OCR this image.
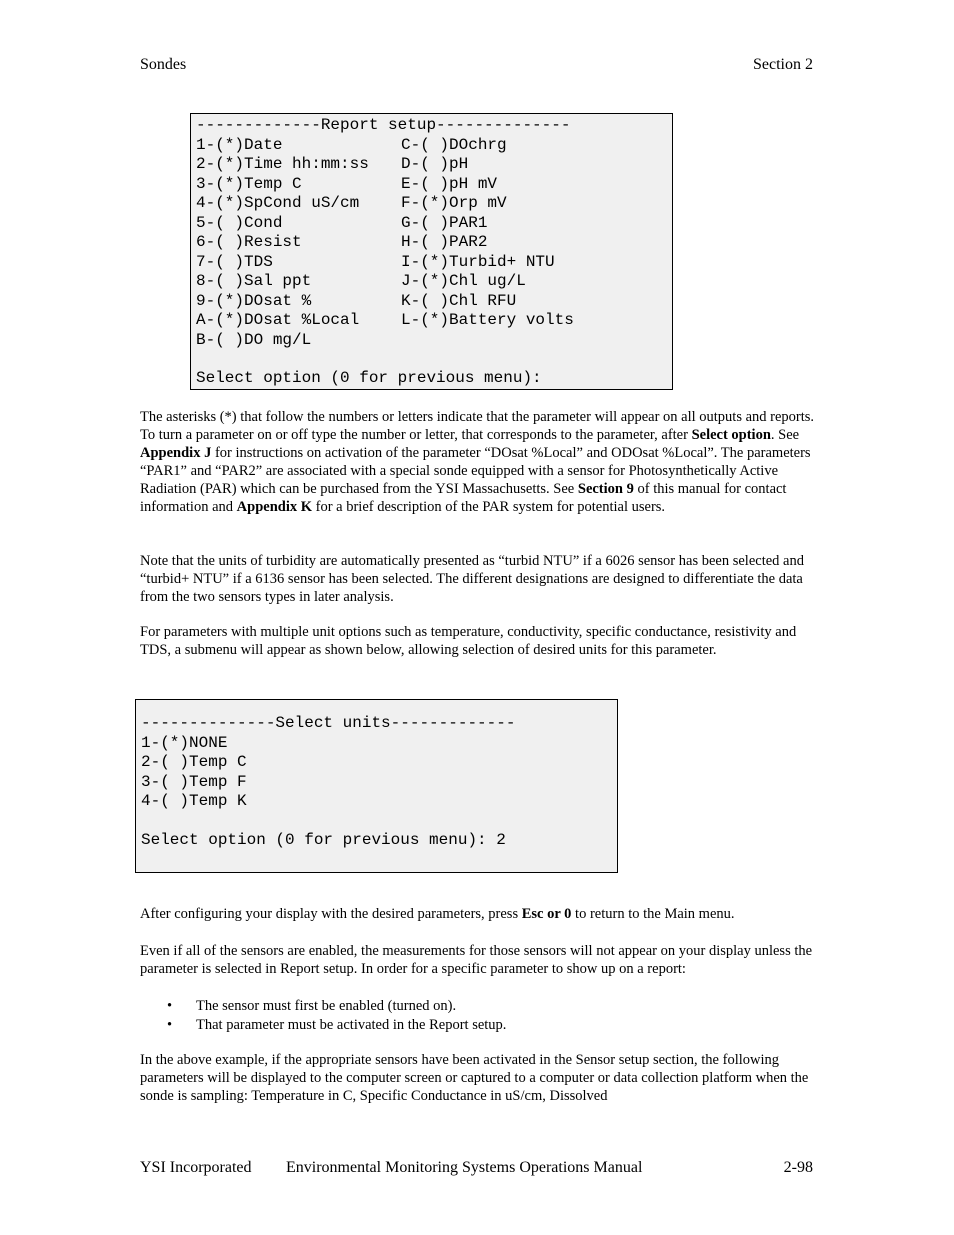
Sondes	Section 2
-------------Report setup--------------
1-(*)Date	C-( )DOchrg
2-(*)Time hh:mm:ss D-( )pH
3-(*)Temp C	E-( )pH mV
4-(*)SpCond uS/cm	F-(*)Orp mV
5-( )Cond	G-( )PAR1
6-( )Resist	H-( )PAR2
7-( )TDS	I-(*)Turbid+ NTU
8-( )Sal ppt	J-(*)Chl ug/L
9-(*)DOsat %	K-( )Chl RFU
A-(*)DOsat %Local	L-(*)Battery volts
B-( )DO mg/L
Select option (0 for previous menu):

The asterisks (*) that follow the numbers or letters indicate that the parameter will appear on all outputs and reports. To turn a parameter on or off type the number or letter, that corresponds to the parameter, after Select option. See Appendix J for instructions on activation of the parameter “DOsat %Local” and ODOsat %Local”. The parameters “PAR1” and “PAR2” are associated with a special sonde equipped with a sensor for Photosynthetically Active Radiation (PAR) which can be purchased from the YSI Massachusetts. See Section 9 of this manual for contact information and Appendix K for a brief description of the PAR system for potential users.

Note that the units of turbidity are automatically presented as “turbid NTU” if a 6026 sensor has been selected and “turbid+ NTU” if a 6136 sensor has been selected. The different designations are designed to differentiate the data from the two sensors types in later analysis.

For parameters with multiple unit options such as temperature, conductivity, specific conductance, resistivity and TDS, a submenu will appear as shown below, allowing selection of desired units for this parameter.

--------------Select units-------------
1-(*)NONE
2-( )Temp C
3-( )Temp F
4-( )Temp K
Select option (0 for previous menu): 2

After configuring your display with the desired parameters, press Esc or 0 to return to the Main menu.

Even if all of the sensors are enabled, the measurements for those sensors will not appear on your display unless the parameter is selected in Report setup. In order for a specific parameter to show up on a report:

• The sensor must first be enabled (turned on).
• That parameter must be activated in the Report setup.

In the above example, if the appropriate sensors have been activated in the Sensor setup section, the following parameters will be displayed to the computer screen or captured to a computer or data collection platform when the sonde is sampling: Temperature in C, Specific Conductance in uS/cm, Dissolved

YSI Incorporated Environmental Monitoring Systems Operations Manual	2-98
